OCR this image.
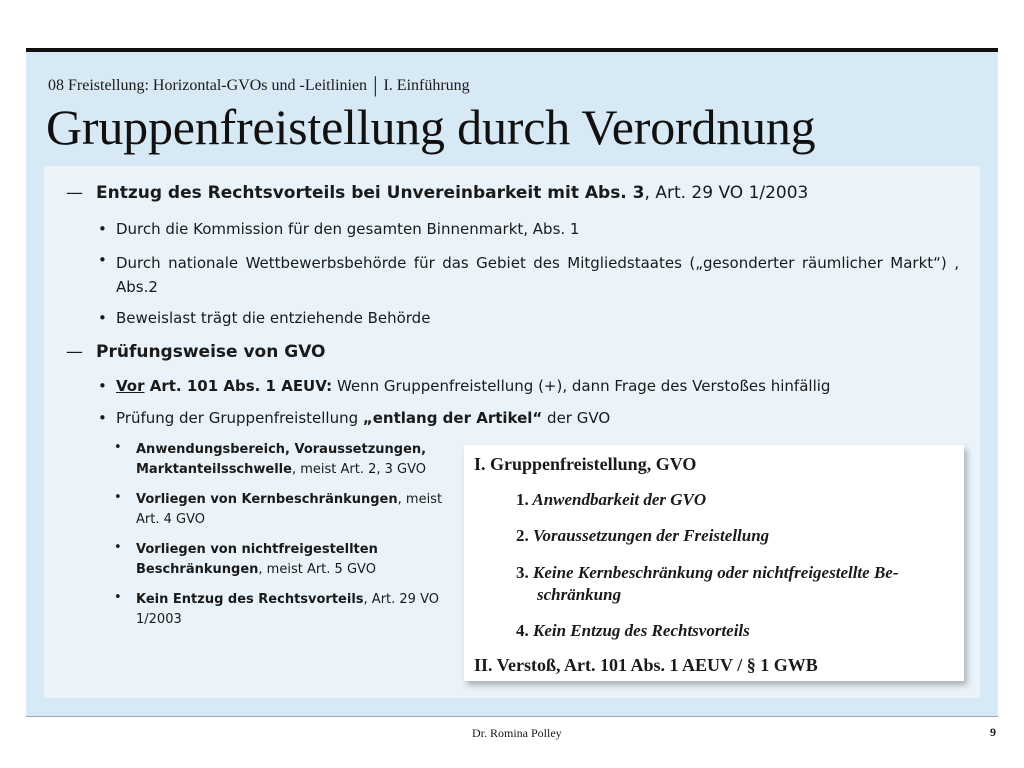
08 Freistellung: Horizontal-GVOs und -Leitlinien | I. Einführung
Gruppenfreistellung durch Verordnung
— Entzug des Rechtsvorteils bei Unvereinbarkeit mit Abs. 3, Art. 29 VO 1/2003
• Durch die Kommission für den gesamten Binnenmarkt, Abs. 1
• Durch nationale Wettbewerbsbehörde für das Gebiet des Mitgliedstaates („gesonderter räumlicher Markt“) , Abs.2
• Beweislast trägt die entziehende Behörde
— Prüfungsweise von GVO
• Vor Art. 101 Abs. 1 AEUV: Wenn Gruppenfreistellung (+), dann Frage des Verstoßes hinfällig
• Prüfung der Gruppenfreistellung „entlang der Artikel“ der GVO
• Anwendungsbereich, Voraussetzungen,
Marktanteilsschwelle, meist Art. 2, 3 GVO
• Vorliegen von Kernbeschränkungen, meist
Art. 4 GVO
• Vorliegen von nichtfreigestellten
Beschränkungen, meist Art. 5 GVO
• Kein Entzug des Rechtsvorteils, Art. 29 VO
1/2003
I. Gruppenfreistellung, GVO
1. Anwendbarkeit der GVO
2. Voraussetzungen der Freistellung
3. Keine Kernbeschränkung oder nichtfreigestellte Be-
schränkung
4. Kein Entzug des Rechtsvorteils
II. Verstoß, Art. 101 Abs. 1 AEUV / § 1 GWB
Dr. Romina Polley	9
